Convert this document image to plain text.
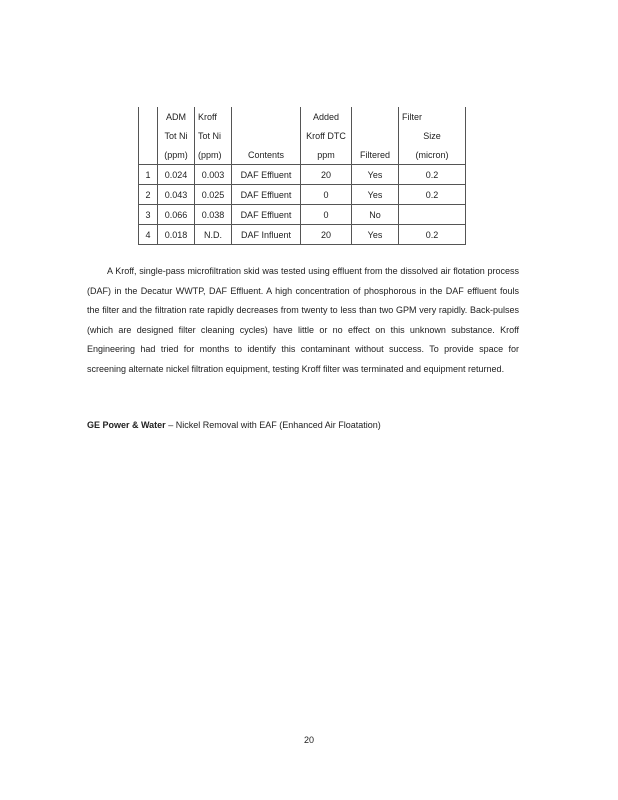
	ADM	Kroff		Added		Filter
	Tot Ni	Tot Ni		Kroff DTC		Size
	(ppm)	(ppm)	Contents	ppm	Filtered	(micron)
1	0.024	0.003	DAF Effluent	20	Yes	0.2
2	0.043	0.025	DAF Effluent	0	Yes	0.2
3	0.066	0.038	DAF Effluent	0	No	
4	0.018	N.D.	DAF Influent	20	Yes	0.2

A Kroff, single-pass microfiltration skid was tested using effluent from the dissolved air flotation process (DAF) in the Decatur WWTP, DAF Effluent. A high concentration of phosphorous in the DAF effluent fouls the filter and the filtration rate rapidly decreases from twenty to less than two GPM very rapidly. Back-pulses (which are designed filter cleaning cycles) have little or no effect on this unknown substance. Kroff Engineering had tried for months to identify this contaminant without success. To provide space for screening alternate nickel filtration equipment, testing Kroff filter was terminated and equipment returned.

GE Power & Water – Nickel Removal with EAF (Enhanced Air Floatation)

20
